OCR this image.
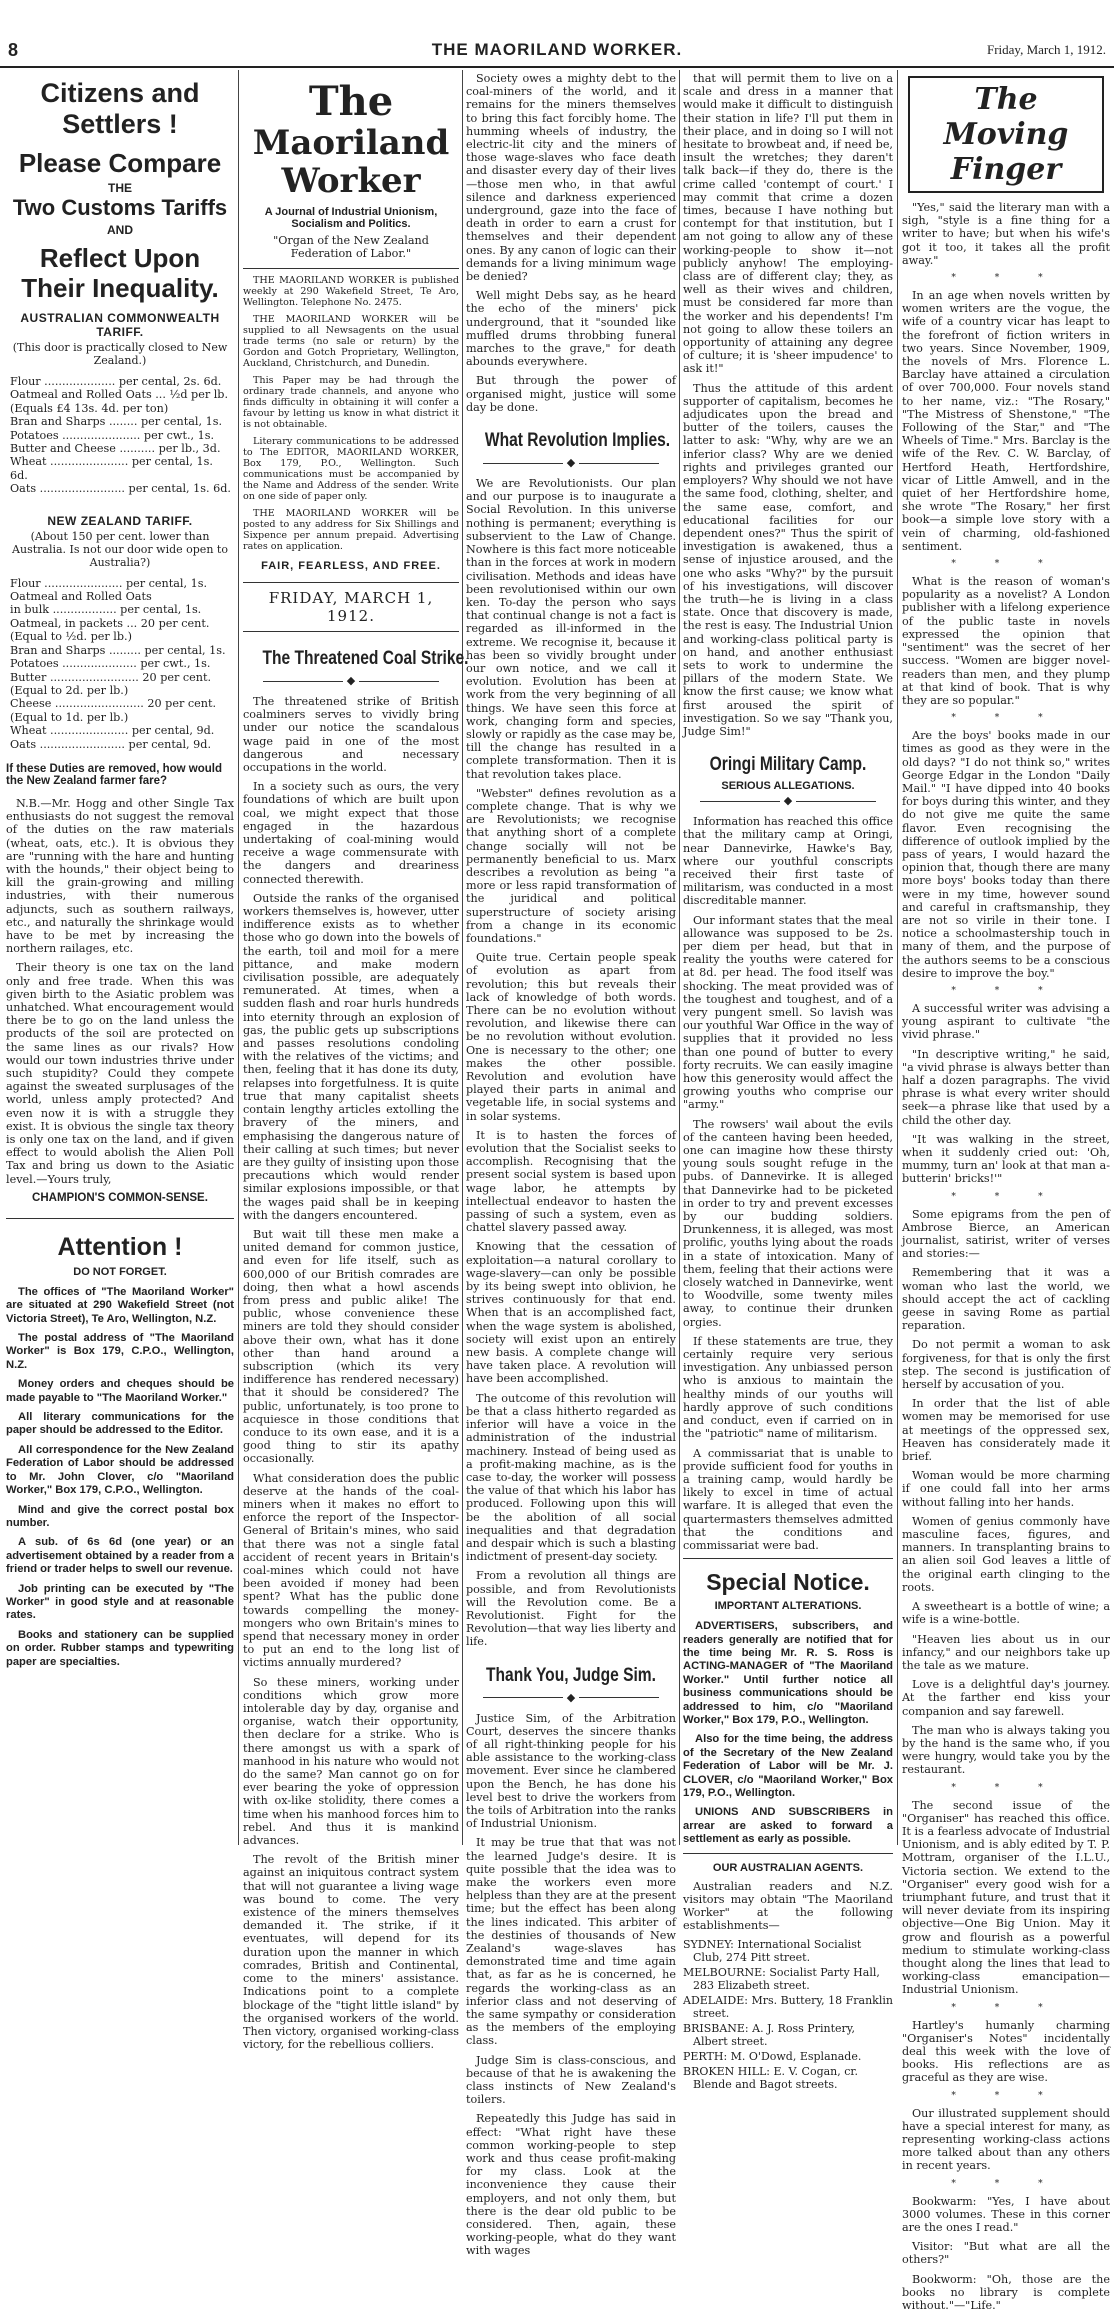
8	THE MAORILAND WORKER.	Friday, March 1, 1912.
Citizens and Settlers !
Please Compare
THE
Two Customs Tariffs
AND
Reflect Upon Their Inequality.
AUSTRALIAN COMMONWEALTH TARIFF.
(This door is practically closed to New Zealand.)
Flour .................... per cental, 2s. 6d.
Oatmeal and Rolled Oats ... ½d per lb.
(Equals £4 13s. 4d. per ton)
Bran and Sharps ........ per cental, 1s.
Potatoes ...................... per cwt., 1s.
Butter and Cheese .......... per lb., 3d.
Wheat ...................... per cental, 1s. 6d.
Oats ........................ per cental, 1s. 6d.
NEW ZEALAND TARIFF.
(About 150 per cent. lower than Australia. Is not our door wide open to Australia?)
Flour ...................... per cental, 1s.
Oatmeal and Rolled Oats
in bulk .................. per cental, 1s.
Oatmeal, in packets ... 20 per cent.
(Equal to ½d. per lb.)
Bran and Sharps ......... per cental, 1s.
Potatoes ..................... per cwt., 1s.
Butter ......................... 20 per cent.
(Equal to 2d. per lb.)
Cheese ......................... 20 per cent.
(Equal to 1d. per lb.)
Wheat ...................... per cental, 9d.
Oats ........................ per cental, 9d.
If these Duties are removed, how would the New Zealand farmer fare?

N.B.—Mr. Hogg and other Single Tax enthusiasts do not suggest the removal of the duties on the raw materials (wheat, oats, etc.). It is obvious they are "running with the hare and hunting with the hounds," their object being to kill the grain-growing and milling industries, with their numerous adjuncts, such as southern railways, etc., and naturally the shrinkage would have to be met by increasing the northern railages, etc.

Their theory is one tax on the land only and free trade. When this was given birth to the Asiatic problem was unhatched. What encouragement would there be to go on the land unless the products of the soil are protected on the same lines as our rivals? How would our town industries thrive under such stupidity? Could they compete against the sweated surplusages of the world, unless amply protected? And even now it is with a struggle they exist. It is obvious the single tax theory is only one tax on the land, and if given effect to would abolish the Alien Poll Tax and bring us down to the Asiatic level.—Yours truly,

CHAMPION'S COMMON-SENSE.
Attention !
DO NOT FORGET.
The offices of "The Maoriland Worker" are situated at 290 Wakefield Street (not Victoria Street), Te Aro, Wellington, N.Z.
The postal address of "The Maoriland Worker" is Box 179, C.P.O., Wellington, N.Z.
Money orders and cheques should be made payable to "The Maoriland Worker."
All literary communications for the paper should be addressed to the Editor.
All correspondence for the New Zealand Federation of Labor should be addressed to Mr. John Clover, c/o "Maoriland Worker," Box 179, C.P.O., Wellington.
Mind and give the correct postal box number.
A sub. of 6s 6d (one year) or an advertisement obtained by a reader from a friend or trader helps to swell our revenue.
Job printing can be executed by "The Worker" in good style and at reasonable rates.
Books and stationery can be supplied on order. Rubber stamps and typewriting paper are specialties.
The
Maoriland Worker
A Journal of Industrial Unionism, Socialism and Politics.
"Organ of the New Zealand Federation of Labor."

THE MAORILAND WORKER is published weekly at 290 Wakefield Street, Te Aro, Wellington. Telephone No. 2475.

THE MAORILAND WORKER will be supplied to all Newsagents on the usual trade terms (no sale or return) by the Gordon and Gotch Proprietary, Wellington, Auckland, Christchurch, and Dunedin.

This Paper may be had through the ordinary trade channels, and anyone who finds difficulty in obtaining it will confer a favour by letting us know in what district it is not obtainable.

Literary communications to be addressed to The EDITOR, MAORILAND WORKER, Box 179, P.O., Wellington. Such communications must be accompanied by the Name and Address of the sender. Write on one side of paper only.

THE MAORILAND WORKER will be posted to any address for Six Shillings and Sixpence per annum prepaid. Advertising rates on application.

FAIR, FEARLESS, AND FREE.
FRIDAY, MARCH 1, 1912.
The Threatened Coal Strike.
◆

The threatened strike of British coalminers serves to vividly bring under our notice the scandalous wage paid in one of the most dangerous and necessary occupations in the world.

In a society such as ours, the very foundations of which are built upon coal, we might expect that those engaged in the hazardous undertaking of coal-mining would receive a wage commensurate with the dangers and dreariness connected therewith.

Outside the ranks of the organised workers themselves is, however, utter indifference exists as to whether those who go down into the bowels of the earth, toil and moil for a mere pittance, and make modern civilisation possible, are adequately remunerated. At times, when a sudden flash and roar hurls hundreds into eternity through an explosion of gas, the public gets up subscriptions and passes resolutions condoling with the relatives of the victims; and then, feeling that it has done its duty, relapses into forgetfulness. It is quite true that many capitalist sheets contain lengthy articles extolling the bravery of the miners, and emphasising the dangerous nature of their calling at such times; but never are they guilty of insisting upon those precautions which would render similar explosions impossible, or that the wages paid shall be in keeping with the dangers encountered.

But wait till these men make a united demand for common justice, and even for life itself, such as 600,000 of our British comrades are doing, then what a howl ascends from press and public alike! The public, whose convenience these miners are told they should consider above their own, what has it done other than hand around a subscription (which its very indifference has rendered necessary) that it should be considered? The public, unfortunately, is too prone to acquiesce in those conditions that conduce to its own ease, and it is a good thing to stir its apathy occasionally.

What consideration does the public deserve at the hands of the coal-miners when it makes no effort to enforce the report of the Inspector-General of Britain's mines, who said that there was not a single fatal accident of recent years in Britain's coal-mines which could not have been avoided if money had been spent? What has the public done towards compelling the money-mongers who own Britain's mines to spend that necessary money in order to put an end to the long list of victims annually murdered?

So these miners, working under conditions which grow more intolerable day by day, organise and organise, watch their opportunity, then declare for a strike. Who is there amongst us with a spark of manhood in his nature who would not do the same? Man cannot go on for ever bearing the yoke of oppression with ox-like stolidity, there comes a time when his manhood forces him to rebel. And thus it is mankind advances.

The revolt of the British miner against an iniquitous contract system that will not guarantee a living wage was bound to come. The very existence of the miners themselves demanded it. The strike, if it eventuates, will depend for its duration upon the manner in which comrades, British and Continental, come to the miners' assistance. Indications point to a complete blockage of the "tight little island" by the organised workers of the world. Then victory, organised working-class victory, for the rebellious colliers.

Society owes a mighty debt to the coal-miners of the world, and it remains for the miners themselves to bring this fact forcibly home. The humming wheels of industry, the electric-lit city and the miners of those wage-slaves who face death and disaster every day of their lives—those men who, in that awful silence and darkness experienced underground, gaze into the face of death in order to earn a crust for themselves and their dependent ones. By any canon of logic can their demands for a living minimum wage be denied?

Well might Debs say, as he heard the echo of the miners' pick underground, that it "sounded like muffled drums throbbing funeral marches to the grave," for death abounds everywhere.

But through the power of organised might, justice will some day be done.

What Revolution Implies.
◆

We are Revolutionists. Our plan and our purpose is to inaugurate a Social Revolution. In this universe nothing is permanent; everything is subservient to the Law of Change. Nowhere is this fact more noticeable than in the forces at work in modern civilisation. Methods and ideas have been revolutionised within our own ken. To-day the person who says that continual change is not a fact is regarded as ill-informed in the extreme. We recognise it, because it has been so vividly brought under our own notice, and we call it evolution. Evolution has been at work from the very beginning of all things. We have seen this force at work, changing form and species, slowly or rapidly as the case may be, till the change has resulted in a complete transformation. Then it is that revolution takes place.

"Webster" defines revolution as a complete change. That is why we are Revolutionists; we recognise that anything short of a complete change socially will not be permanently beneficial to us. Marx describes a revolution as being "a more or less rapid transformation of the juridical and political superstructure of society arising from a change in its economic foundations."

Quite true. Certain people speak of evolution as apart from revolution; this but reveals their lack of knowledge of both words. There can be no evolution without revolution, and likewise there can be no revolution without evolution. One is necessary to the other; one makes the other possible. Revolution and evolution have played their parts in animal and vegetable life, in social systems and in solar systems.

It is to hasten the forces of evolution that the Socialist seeks to accomplish. Recognising that the present social system is based upon wage labor, he attempts by intellectual endeavor to hasten the passing of such a system, even as chattel slavery passed away.

Knowing that the cessation of exploitation—a natural corollary to wage-slavery—can only be possible by its being swept into oblivion, he strives continuously for that end. When that is an accomplished fact, when the wage system is abolished, society will exist upon an entirely new basis. A complete change will have taken place. A revolution will have been accomplished.

The outcome of this revolution will be that a class hitherto regarded as inferior will have a voice in the administration of the industrial machinery. Instead of being used as a profit-making machine, as is the case to-day, the worker will possess the value of that which his labor has produced. Following upon this will be the abolition of all social inequalities and that degradation and despair which is such a blasting indictment of present-day society.

From a revolution all things are possible, and from Revolutionists will the Revolution come. Be a Revolutionist. Fight for the Revolution—that way lies liberty and life.

Thank You, Judge Sim.
◆

Justice Sim, of the Arbitration Court, deserves the sincere thanks of all right-thinking people for his able assistance to the working-class movement. Ever since he clambered upon the Bench, he has done his level best to drive the workers from the toils of Arbitration into the ranks of Industrial Unionism.

It may be true that that was not the learned Judge's desire. It is quite possible that the idea was to make the workers even more helpless than they are at the present time; but the effect has been along the lines indicated. This arbiter of the destinies of thousands of New Zealand's wage-slaves has demonstrated time and time again that, as far as he is concerned, he regards the working-class as an inferior class and not deserving of the same sympathy or consideration as the members of the employing class.

Judge Sim is class-conscious, and because of that he is awakening the class instincts of New Zealand's toilers.

Repeatedly this Judge has said in effect: "What right have these common working-people to step work and thus cease profit-making for my class. Look at the inconvenience they cause their employers, and not only them, but there is the dear old public to be considered. Then, again, these working-people, what do they want with wages

that will permit them to live on a scale and dress in a manner that would make it difficult to distinguish their station in life? I'll put them in their place, and in doing so I will not hesitate to browbeat and, if need be, insult the wretches; they daren't talk back—if they do, there is the crime called 'contempt of court.' I may commit that crime a dozen times, because I have nothing but contempt for that institution, but I am not going to allow any of these working-people to show it—not publicly anyhow! The employing-class are of different clay; they, as well as their wives and children, must be considered far more than the worker and his dependents! I'm not going to allow these toilers an opportunity of attaining any degree of culture; it is 'sheer impudence' to ask it!"

Thus the attitude of this ardent supporter of capitalism, becomes he adjudicates upon the bread and butter of the toilers, causes the latter to ask: "Why, why are we an inferior class? Why are we denied rights and privileges granted our employers? Why should we not have the same food, clothing, shelter, and the same ease, comfort, and educational facilities for our dependent ones?" Thus the spirit of investigation is awakened, thus a sense of injustice aroused, and the one who asks "Why?" by the pursuit of his investigations, will discover the truth—he is living in a class state. Once that discovery is made, the rest is easy. The Industrial Union and working-class political party is on hand, and another enthusiast sets to work to undermine the pillars of the modern State. We know the first cause; we know what first aroused the spirit of investigation. So we say "Thank you, Judge Sim!"

Oringi Military Camp.
SERIOUS ALLEGATIONS.
◆

Information has reached this office that the military camp at Oringi, near Dannevirke, Hawke's Bay, where our youthful conscripts received their first taste of militarism, was conducted in a most discreditable manner.

Our informant states that the meal allowance was supposed to be 2s. per diem per head, but that in reality the youths were catered for at 8d. per head. The food itself was shocking. The meat provided was of the toughest and toughest, and of a very pungent smell. So lavish was our youthful War Office in the way of supplies that it provided no less than one pound of butter to every forty recruits. We can easily imagine how this generosity would affect the growing youths who comprise our "army."

The rowsers' wail about the evils of the canteen having been heeded, one can imagine how these thirsty young souls sought refuge in the pubs. of Dannevirke. It is alleged that Dannevirke had to be picketed in order to try and prevent excesses by our budding soldiers. Drunkenness, it is alleged, was most prolific, youths lying about the roads in a state of intoxication. Many of them, feeling that their actions were closely watched in Dannevirke, went to Woodville, some twenty miles away, to continue their drunken orgies.

If these statements are true, they certainly require very serious investigation. Any unbiassed person who is anxious to maintain the healthy minds of our youths will hardly approve of such conditions and conduct, even if carried on in the "patriotic" name of militarism.

A commissariat that is unable to provide sufficient food for youths in a training camp, would hardly be likely to excel in time of actual warfare. It is alleged that even the quartermasters themselves admitted that the conditions and commissariat were bad.

Special Notice.
IMPORTANT ALTERATIONS.
ADVERTISERS, subscribers, and readers generally are notified that for the time being Mr. R. S. Ross is ACTING-MANAGER of "The Maoriland Worker." Until further notice all business communications should be addressed to him, c/o "Maoriland Worker," Box 179, P.O., Wellington.
Also for the time being, the address of the Secretary of the New Zealand Federation of Labor will be Mr. J. CLOVER, c/o "Maoriland Worker," Box 179, P.O., Wellington.
UNIONS AND SUBSCRIBERS in arrear are asked to forward a settlement as early as possible.
OUR AUSTRALIAN AGENTS.

Australian readers and N.Z. visitors may obtain "The Maoriland Worker" at the following establishments—

SYDNEY: International Socialist Club, 274 Pitt street.
MELBOURNE: Socialist Party Hall, 283 Elizabeth street.
ADELAIDE: Mrs. Buttery, 18 Franklin street.
BRISBANE: A. J. Ross Printery, Albert street.
PERTH: M. O'Dowd, Esplanade.
BROKEN HILL: E. V. Cogan, cr. Blende and Bagot streets.
The Moving Finger

"Yes," said the literary man with a sigh, "style is a fine thing for a writer to have; but when his wife's got it too, it takes all the profit away."

* * *

In an age when novels written by women writers are the vogue, the wife of a country vicar has leapt to the forefront of fiction writers in two years. Since November, 1909, the novels of Mrs. Florence L. Barclay have attained a circulation of over 700,000. Four novels stand to her name, viz.: "The Rosary," "The Mistress of Shenstone," "The Following of the Star," and "The Wheels of Time." Mrs. Barclay is the wife of the Rev. C. W. Barclay, of Hertford Heath, Hertfordshire, vicar of Little Amwell, and in the quiet of her Hertfordshire home, she wrote "The Rosary," her first book—a simple love story with a vein of charming, old-fashioned sentiment.

* * *

What is the reason of woman's popularity as a novelist? A London publisher with a lifelong experience of the public taste in novels expressed the opinion that "sentiment" was the secret of her success. "Women are bigger novel-readers than men, and they plump at that kind of book. That is why they are so popular."

* * *

Are the boys' books made in our times as good as they were in the old days? "I do not think so," writes George Edgar in the London "Daily Mail." "I have dipped into 40 books for boys during this winter, and they do not give me quite the same flavor. Even recognising the difference of outlook implied by the pass of years, I would hazard the opinion that, though there are many more boys' books today than there were in my time, however sound and careful in craftsmanship, they are not so virile in their tone. I notice a schoolmastership touch in many of them, and the purpose of the authors seems to be a conscious desire to improve the boy."

* * *

A successful writer was advising a young aspirant to cultivate "the vivid phrase."

"In descriptive writing," he said, "a vivid phrase is always better than half a dozen paragraphs. The vivid phrase is what every writer should seek—a phrase like that used by a child the other day.

"It was walking in the street, when it suddenly cried out: 'Oh, mummy, turn an' look at that man a-butterin' bricks!'"

* * *

Some epigrams from the pen of Ambrose Bierce, an American journalist, satirist, writer of verses and stories:—

Remembering that it was a woman who last the world, we should accept the act of cackling geese in saving Rome as partial reparation.

Do not permit a woman to ask forgiveness, for that is only the first step. The second is justification of herself by accusation of you.

In order that the list of able women may be memorised for use at meetings of the oppressed sex, Heaven has considerately made it brief.

Woman would be more charming if one could fall into her arms without falling into her hands.

Women of genius commonly have masculine faces, figures, and manners. In transplanting brains to an alien soil God leaves a little of the original earth clinging to the roots.

A sweetheart is a bottle of wine; a wife is a wine-bottle.

"Heaven lies about us in our infancy," and our neighbors take up the tale as we mature.

Love is a delightful day's journey. At the farther end kiss your companion and say farewell.

The man who is always taking you by the hand is the same who, if you were hungry, would take you by the restaurant.

* * *

The second issue of the "Organiser" has reached this office. It is a fearless advocate of Industrial Unionism, and is ably edited by T. P. Mottram, organiser of the I.L.U., Victoria section. We extend to the "Organiser" every good wish for a triumphant future, and trust that it will never deviate from its inspiring objective—One Big Union. May it grow and flourish as a powerful medium to stimulate working-class thought along the lines that lead to working-class emancipation—Industrial Unionism.

* * *

Hartley's humanly charming "Organiser's Notes" incidentally deal this week with the love of books. His reflections are as graceful as they are wise.

* * *

Our illustrated supplement should have a special interest for many, as representing working-class actions more talked about than any others in recent years.

* * *

Bookwarm: "Yes, I have about 3000 volumes. These in this corner are the ones I read."

Visitor: "But what are all the others?"

Bookworm: "Oh, those are the books no library is complete without."—"Life."
